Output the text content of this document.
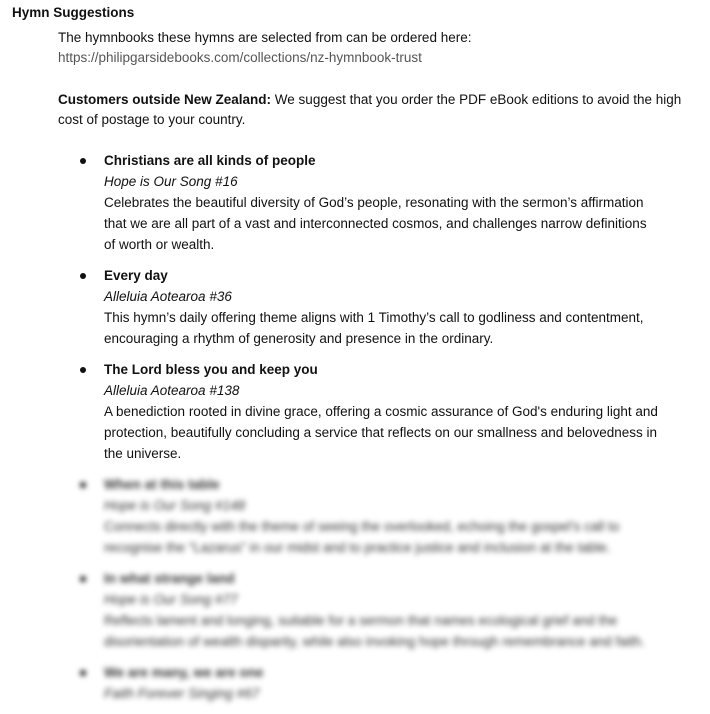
Hymn Suggestions
The hymnbooks these hymns are selected from can be ordered here:
https://philipgarsidebooks.com/collections/nz-hymnbook-trust
Customers outside New Zealand: We suggest that you order the PDF eBook editions to avoid the high cost of postage to your country.
Christians are all kinds of people
Hope is Our Song #16
Celebrates the beautiful diversity of God’s people, resonating with the sermon’s affirmation that we are all part of a vast and interconnected cosmos, and challenges narrow definitions of worth or wealth.
Every day
Alleluia Aotearoa #36
This hymn’s daily offering theme aligns with 1 Timothy’s call to godliness and contentment, encouraging a rhythm of generosity and presence in the ordinary.
The Lord bless you and keep you
Alleluia Aotearoa #138
A benediction rooted in divine grace, offering a cosmic assurance of God's enduring light and protection, beautifully concluding a service that reflects on our smallness and belovedness in the universe.
When at this table
Hope is Our Song #148
Connects directly with the theme of seeing the overlooked, echoing the gospel’s call to recognise the “Lazarus” in our midst and to practice justice and inclusion at the table.
In what strange land
Hope is Our Song #77
Reflects lament and longing, suitable for a sermon that names ecological grief and the disorientation of wealth disparity, while also invoking hope through remembrance and faith.
We are many, we are one
Faith Forever Singing #67
